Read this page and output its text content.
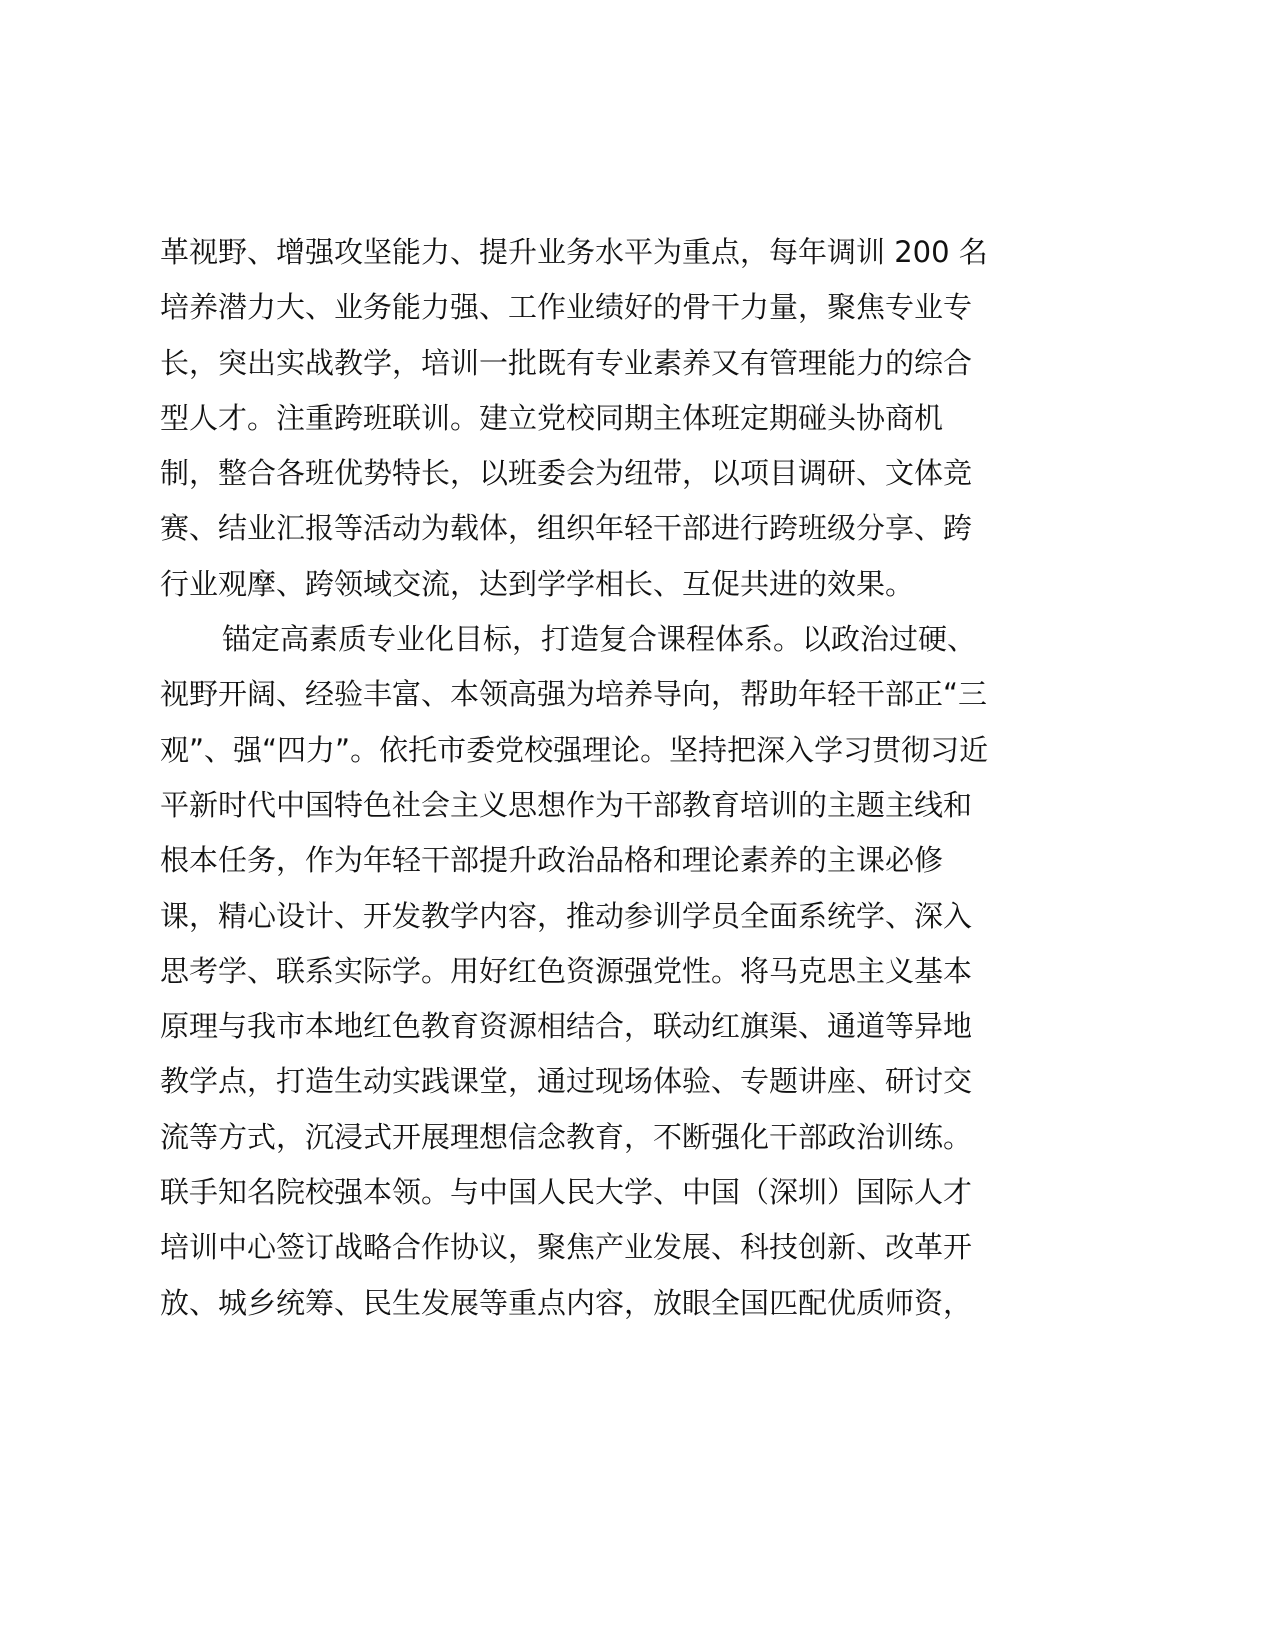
革视野、增强攻坚能力、提升业务水平为重点，每年调训 200 名
培养潜力大、业务能力强、工作业绩好的骨干力量，聚焦专业专
长，突出实战教学，培训一批既有专业素养又有管理能力的综合
型人才。注重跨班联训。建立党校同期主体班定期碰头协商机
制，整合各班优势特长，以班委会为纽带，以项目调研、文体竞
赛、结业汇报等活动为载体，组织年轻干部进行跨班级分享、跨
行业观摩、跨领域交流，达到学学相长、互促共进的效果。
锚定高素质专业化目标，打造复合课程体系。以政治过硬、
视野开阔、经验丰富、本领高强为培养导向，帮助年轻干部正“三
观”、强“四力”。依托市委党校强理论。坚持把深入学习贯彻习近
平新时代中国特色社会主义思想作为干部教育培训的主题主线和
根本任务，作为年轻干部提升政治品格和理论素养的主课必修
课，精心设计、开发教学内容，推动参训学员全面系统学、深入
思考学、联系实际学。用好红色资源强党性。将马克思主义基本
原理与我市本地红色教育资源相结合，联动红旗渠、通道等异地
教学点，打造生动实践课堂，通过现场体验、专题讲座、研讨交
流等方式，沉浸式开展理想信念教育，不断强化干部政治训练。
联手知名院校强本领。与中国人民大学、中国（深圳）国际人才
培训中心签订战略合作协议，聚焦产业发展、科技创新、改革开
放、城乡统筹、民生发展等重点内容，放眼全国匹配优质师资，
